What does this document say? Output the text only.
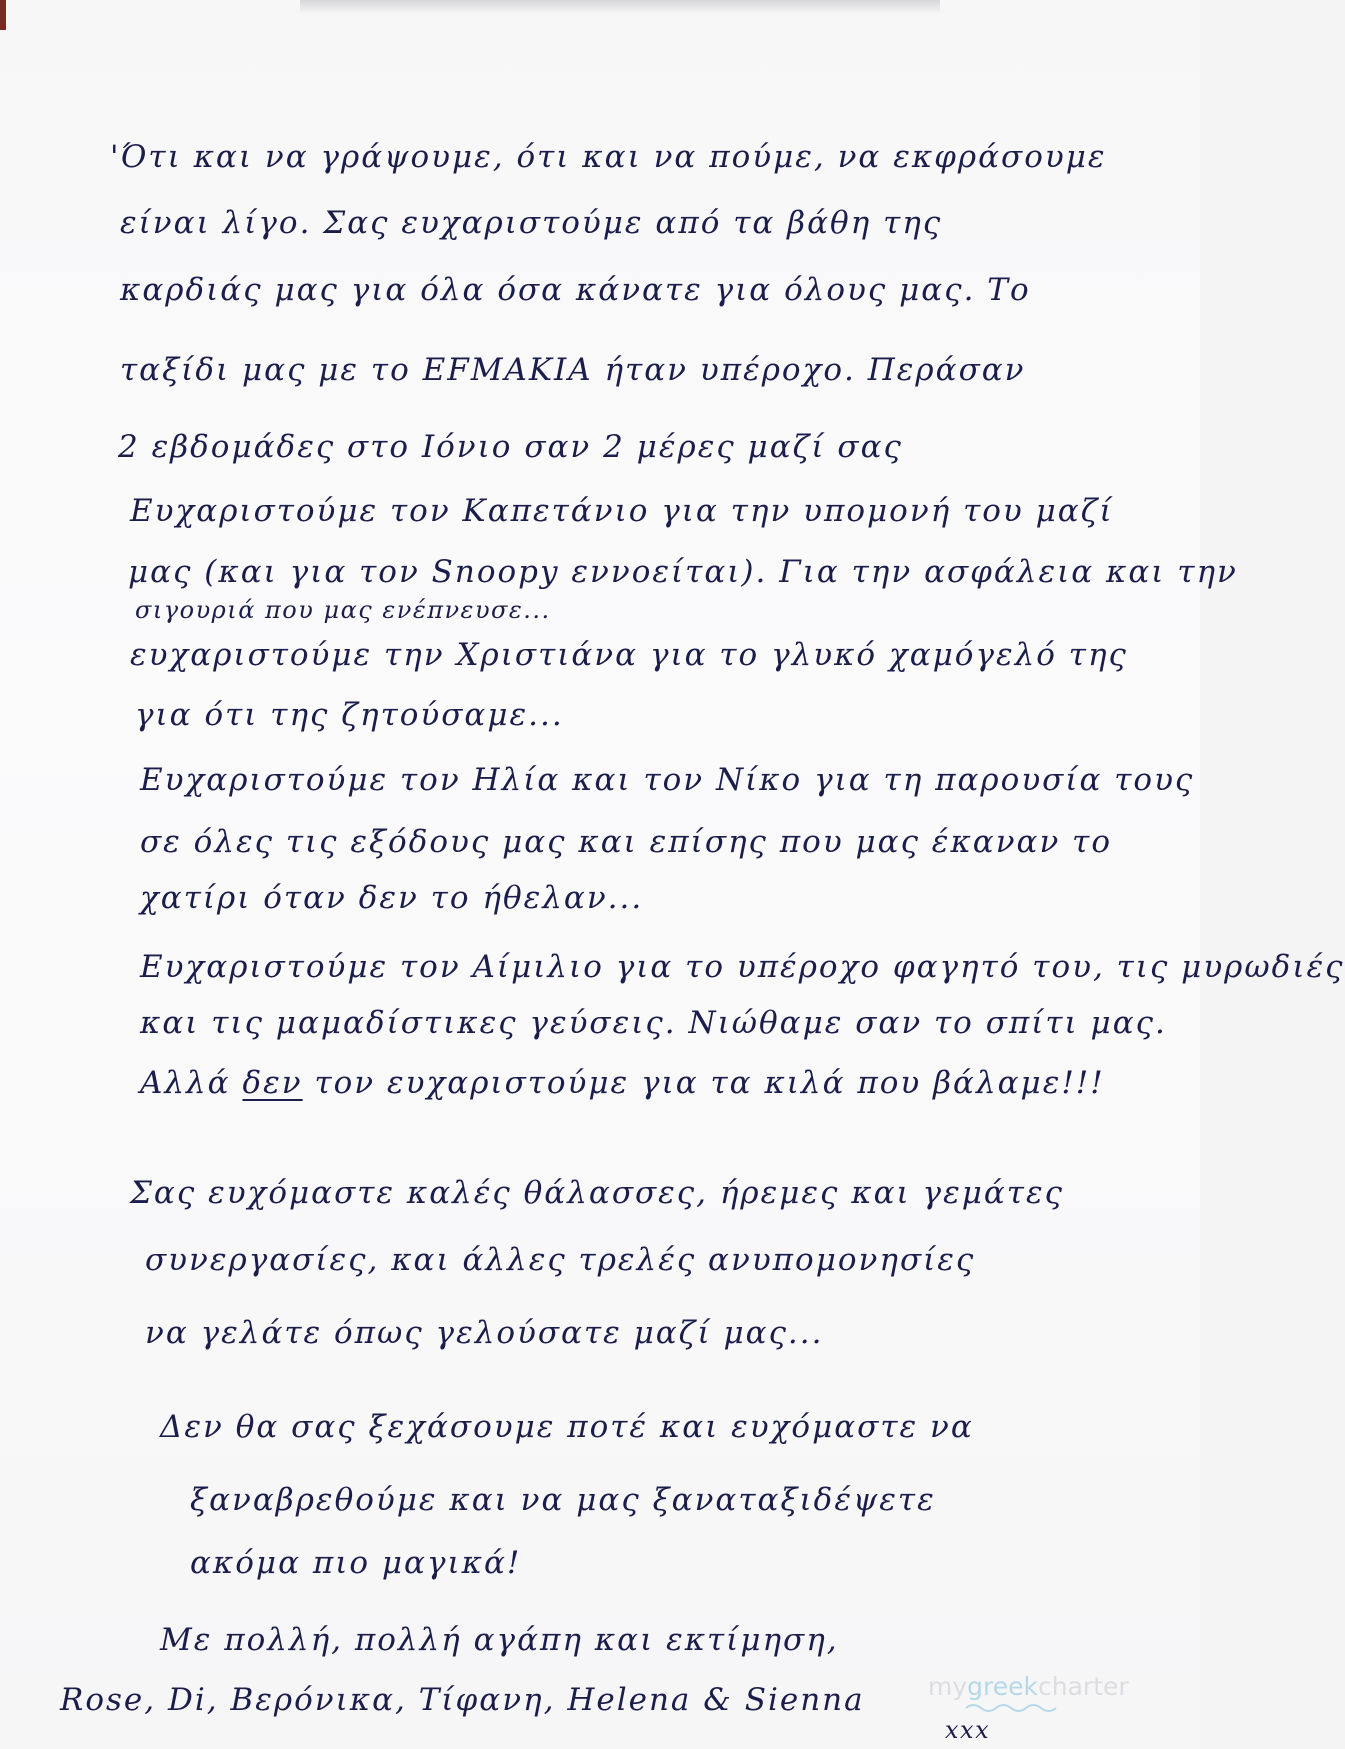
'Ότι και να γράψουμε, ότι και να πούμε, να εκφράσουμε
είναι λίγο. Σας ευχαριστούμε από τα βάθη της
καρδιάς μας για όλα όσα κάνατε για όλους μας. Το
ταξίδι μας με το EFMAKIA ήταν υπέροχο. Περάσαν
2 εβδομάδες στο Ιόνιο σαν 2 μέρες μαζί σας
Ευχαριστούμε τον Καπετάνιο για την υπομονή του μαζί
μας (και για τον Snoopy εννοείται). Για την ασφάλεια και την
σιγουριά που μας ενέπνευσε...
ευχαριστούμε την Χριστιάνα για το γλυκό χαμόγελό της
για ότι της ζητούσαμε...
Ευχαριστούμε τον Ηλία και τον Νίκο για τη παρουσία τους
σε όλες τις εξόδους μας και επίσης που μας έκαναν το
χατίρι όταν δεν το ήθελαν...
Ευχαριστούμε τον Αίμιλιο για το υπέροχο φαγητό του, τις μυρωδιές
και τις μαμαδίστικες γεύσεις. Νιώθαμε σαν το σπίτι μας.
Αλλά δεν τον ευχαριστούμε για τα κιλά που βάλαμε!!!
Σας ευχόμαστε καλές θάλασσες, ήρεμες και γεμάτες
συνεργασίες, και άλλες τρελές ανυπομονησίες
να γελάτε όπως γελούσατε μαζί μας...
Δεν θα σας ξεχάσουμε ποτέ και ευχόμαστε να
ξαναβρεθούμε και να μας ξαναταξιδέψετε
ακόμα πιο μαγικά!
Με πολλή, πολλή αγάπη και εκτίμηση,
Rose, Di, Βερόνικα, Τίφανη, Helena & Sienna
xxx
my greek charter
